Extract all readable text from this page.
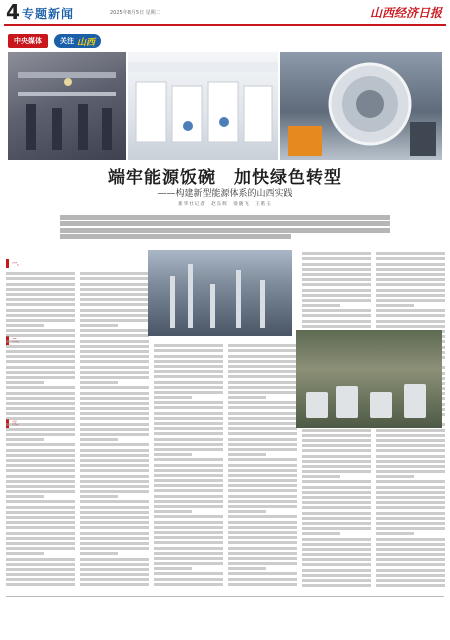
4 专题新闻	2025年8月5日 星期二	山西经济日报
中央媒体	关注 山西
端牢能源饭碗　加快绿色转型
——构建新型能源体系的山西实践
新华社记者　赵东辉　梁晓飞　王皓玉
一、
